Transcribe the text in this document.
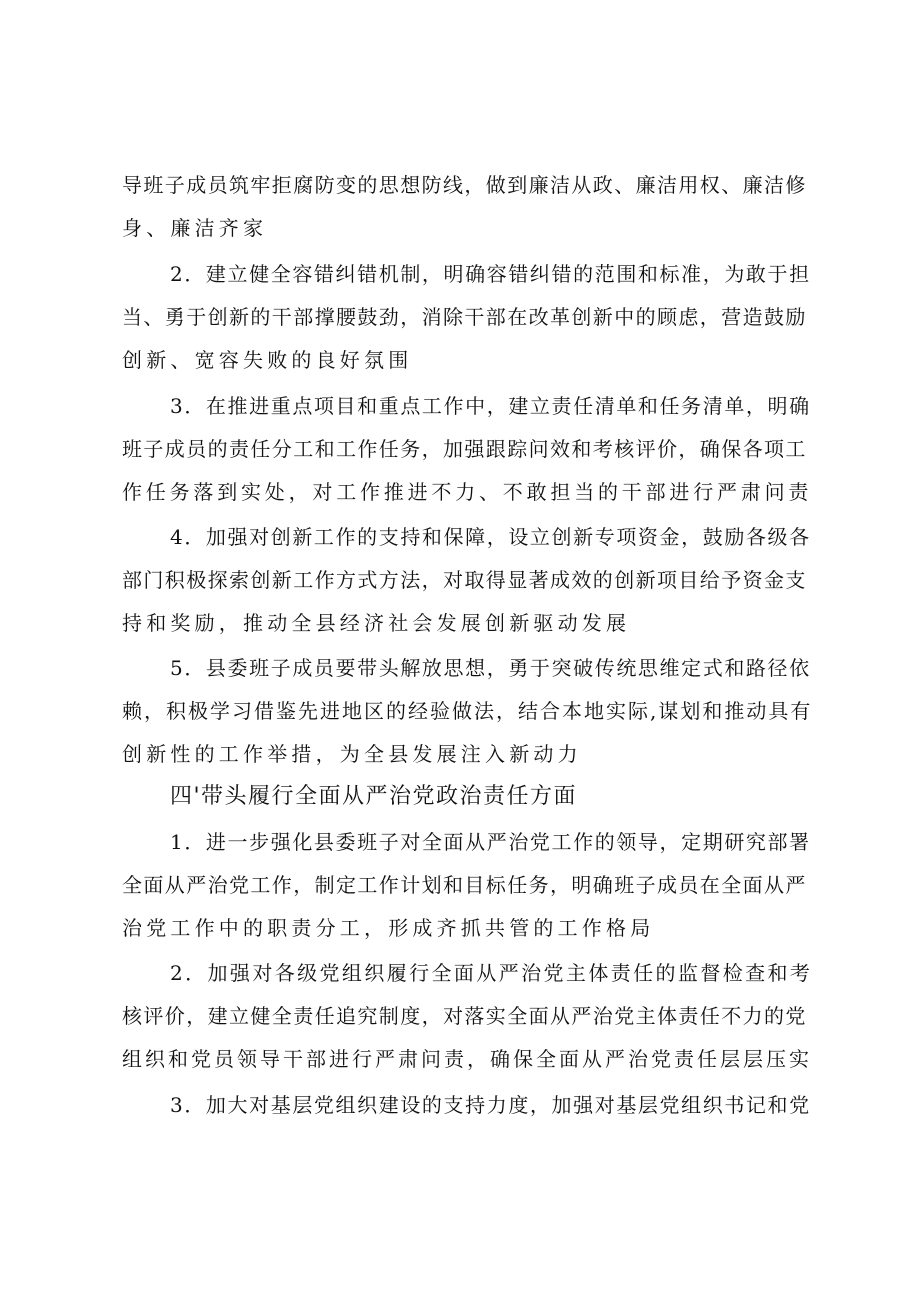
导班子成员筑牢拒腐防变的思想防线，做到廉洁从政、廉洁用权、廉洁修
身、廉洁齐家
2．建立健全容错纠错机制，明确容错纠错的范围和标准，为敢于担
当、勇于创新的干部撑腰鼓劲，消除干部在改革创新中的顾虑，营造鼓励
创新、宽容失败的良好氛围
3．在推进重点项目和重点工作中，建立责任清单和任务清单，明确
班子成员的责任分工和工作任务，加强跟踪问效和考核评价，确保各项工
作任务落到实处，对工作推进不力、不敢担当的干部进行严肃问责
4．加强对创新工作的支持和保障，设立创新专项资金，鼓励各级各
部门积极探索创新工作方式方法，对取得显著成效的创新项目给予资金支
持和奖励，推动全县经济社会发展创新驱动发展
5．县委班子成员要带头解放思想，勇于突破传统思维定式和路径依
赖，积极学习借鉴先进地区的经验做法，结合本地实际,谋划和推动具有
创新性的工作举措，为全县发展注入新动力
四'带头履行全面从严治党政治责任方面
1．进一步强化县委班子对全面从严治党工作的领导，定期研究部署
全面从严治党工作，制定工作计划和目标任务，明确班子成员在全面从严
治党工作中的职责分工，形成齐抓共管的工作格局
2．加强对各级党组织履行全面从严治党主体责任的监督检查和考
核评价，建立健全责任追究制度，对落实全面从严治党主体责任不力的党
组织和党员领导干部进行严肃问责，确保全面从严治党责任层层压实
3．加大对基层党组织建设的支持力度，加强对基层党组织书记和党
